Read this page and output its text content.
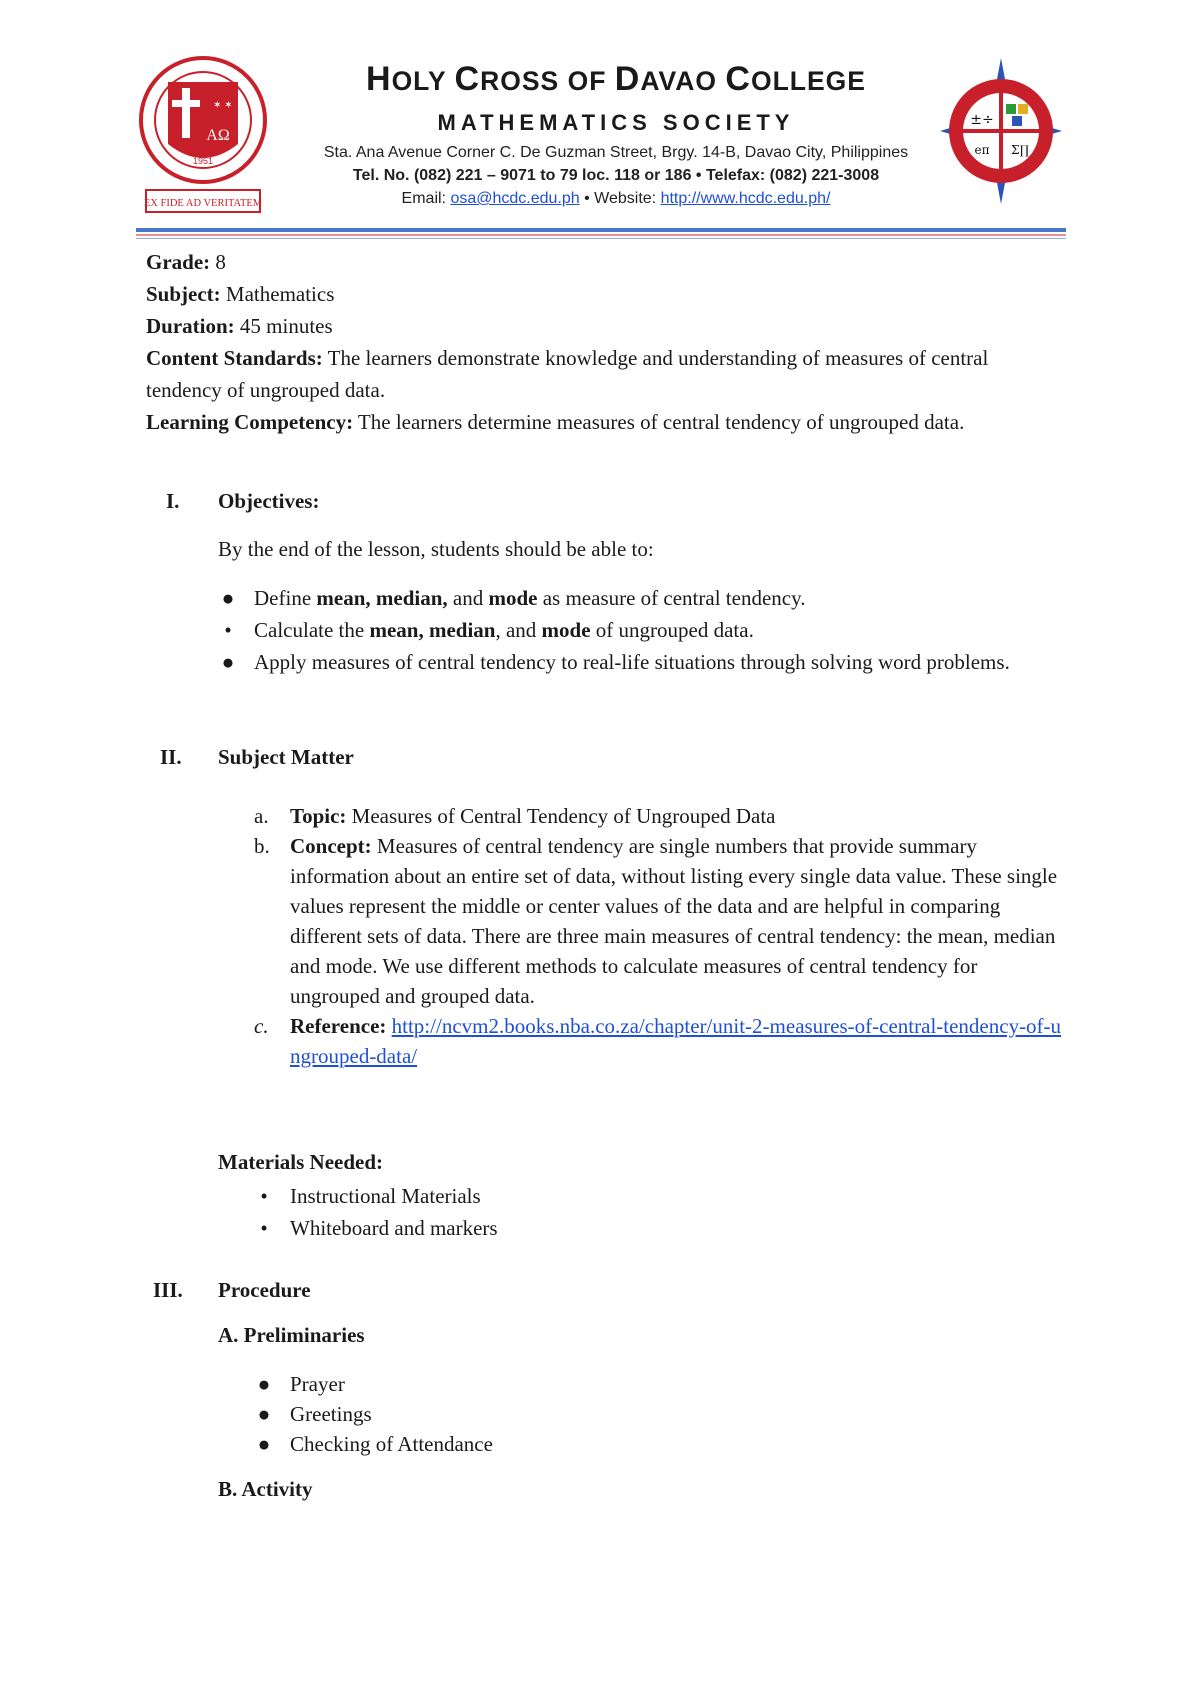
AΩ
✶ ✶
EX FIDE AD VERITATEM
1951
HOLY CROSS OF DAVAO COLLEGE
MATHEMATICS SOCIETY
Sta. Ana Avenue Corner C. De Guzman Street, Brgy. 14-B, Davao City, Philippines
Tel. No. (082) 221 – 9071 to 79 loc. 118 or 186 • Telefax: (082) 221-3008
Email: osa@hcdc.edu.ph • Website: http://www.hcdc.edu.ph/
±÷
eπ Σ∏

Grade: 8

Subject: Mathematics

Duration: 45 minutes

Content Standards: The learners demonstrate knowledge and understanding of measures of central tendency of ungrouped data.

Learning Competency: The learners determine measures of central tendency of ungrouped data.

I.	Objectives:
By the end of the lesson, students should be able to:
● Define mean, median, and mode as measure of central tendency.
•	Calculate the mean, median, and mode of ungrouped data.
● Apply measures of central tendency to real-life situations through solving word problems.
II.	Subject Matter
a. Topic: Measures of Central Tendency of Ungrouped Data
b. Concept: Measures of central tendency are single numbers that provide summary information about an entire set of data, without listing every single data value. These single values represent the middle or center values of the data and are helpful in comparing different sets of data. There are three main measures of central tendency: the mean, median and mode. We use different methods to calculate measures of central tendency for ungrouped and grouped data.
c. Reference: http://ncvm2.books.nba.co.za/chapter/unit-2-measures-of-central-tendency-of-ungrouped-data/
Materials Needed:
•	Instructional Materials
•	Whiteboard and markers
III.	Procedure
A. Preliminaries
● Prayer
● Greetings
● Checking of Attendance
B. Activity
